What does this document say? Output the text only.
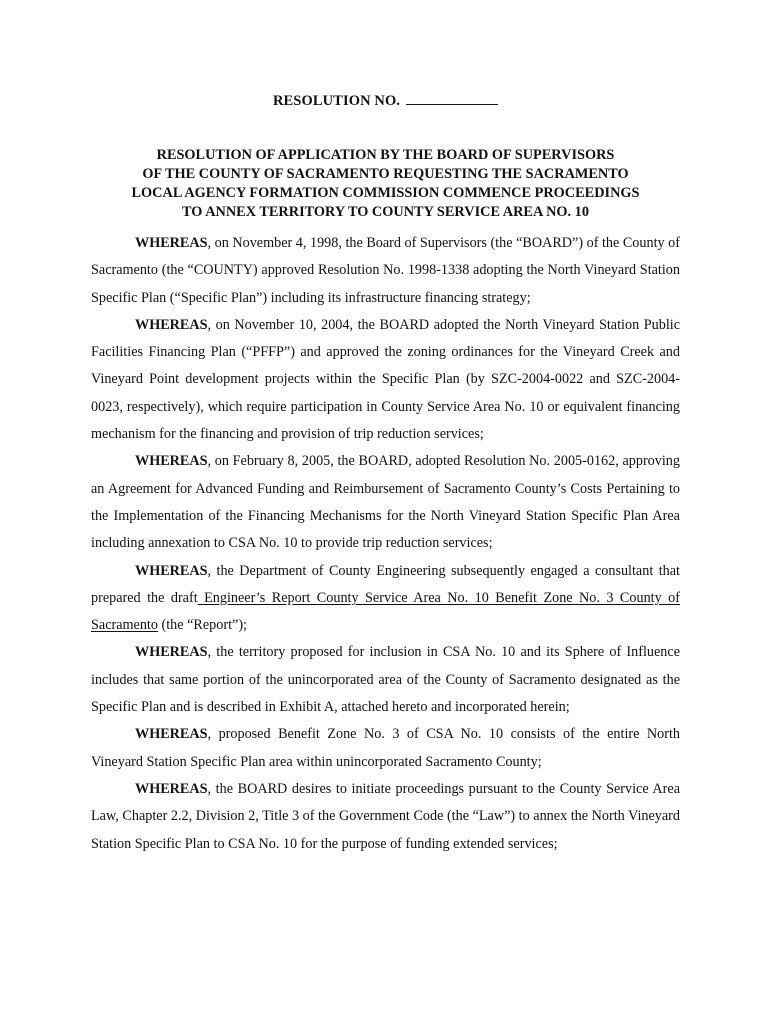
RESOLUTION NO.
RESOLUTION OF APPLICATION BY THE BOARD OF SUPERVISORS
OF THE COUNTY OF SACRAMENTO REQUESTING THE SACRAMENTO
LOCAL AGENCY FORMATION COMMISSION COMMENCE PROCEEDINGS
TO ANNEX TERRITORY TO COUNTY SERVICE AREA NO. 10

WHEREAS, on November 4, 1998, the Board of Supervisors (the “BOARD”) of the County of Sacramento (the “COUNTY) approved Resolution No. 1998-1338 adopting the North Vineyard Station Specific Plan (“Specific Plan”) including its infrastructure financing strategy;

WHEREAS, on November 10, 2004, the BOARD adopted the North Vineyard Station Public Facilities Financing Plan (“PFFP”) and approved the zoning ordinances for the Vineyard Creek and Vineyard Point development projects within the Specific Plan (by SZC-2004-0022 and SZC-2004-0023, respectively), which require participation in County Service Area No. 10 or equivalent financing mechanism for the financing and provision of trip reduction services;

WHEREAS, on February 8, 2005, the BOARD, adopted Resolution No. 2005-0162, approving an Agreement for Advanced Funding and Reimbursement of Sacramento County’s Costs Pertaining to the Implementation of the Financing Mechanisms for the North Vineyard Station Specific Plan Area including annexation to CSA No. 10 to provide trip reduction services;

WHEREAS, the Department of County Engineering subsequently engaged a consultant that prepared the draft Engineer’s Report County Service Area No. 10 Benefit Zone No. 3 County of Sacramento (the “Report”);

WHEREAS, the territory proposed for inclusion in CSA No. 10 and its Sphere of Influence includes that same portion of the unincorporated area of the County of Sacramento designated as the Specific Plan and is described in Exhibit A, attached hereto and incorporated herein;

WHEREAS, proposed Benefit Zone No. 3 of CSA No. 10 consists of the entire North Vineyard Station Specific Plan area within unincorporated Sacramento County;

WHEREAS, the BOARD desires to initiate proceedings pursuant to the County Service Area Law, Chapter 2.2, Division 2, Title 3 of the Government Code (the “Law”) to annex the North Vineyard Station Specific Plan to CSA No. 10 for the purpose of funding extended services;
